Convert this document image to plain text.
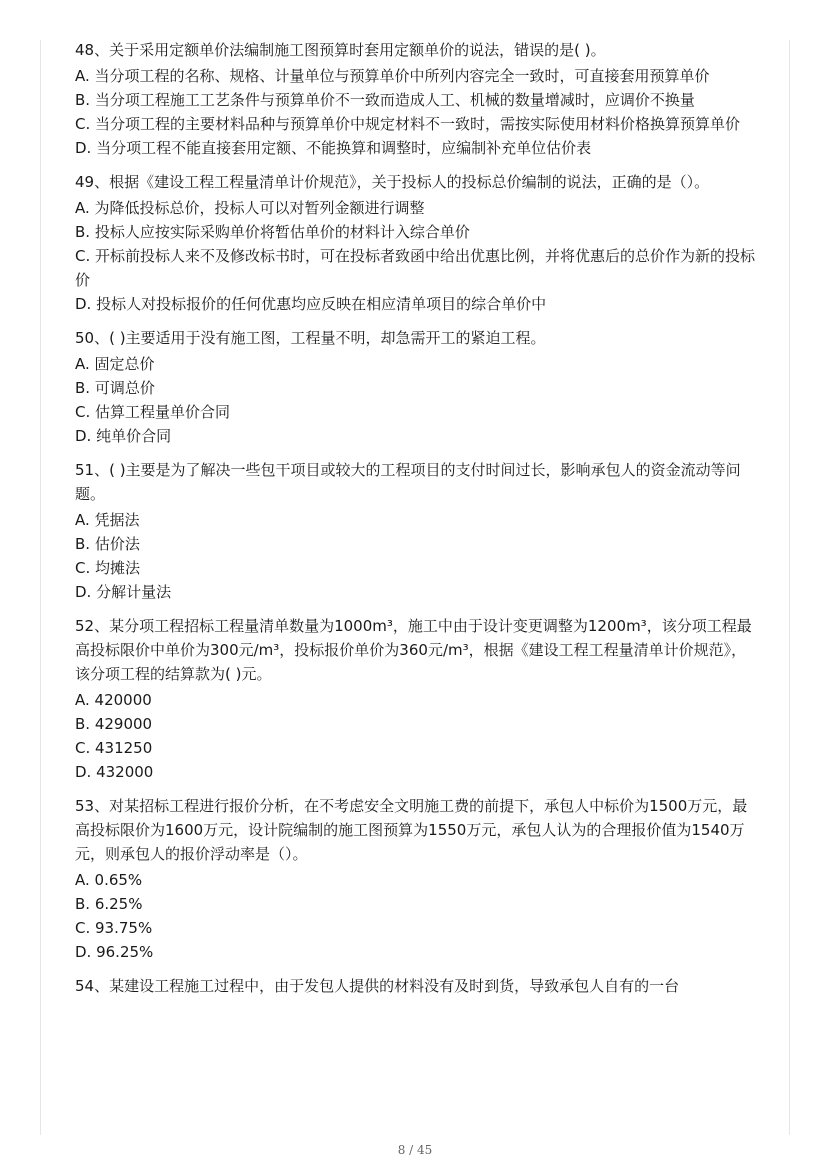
48、关于采用定额单价法编制施工图预算时套用定额单价的说法，错误的是( )。

A. 当分项工程的名称、规格、计量单位与预算单价中所列内容完全一致时，可直接套用预算单价

B. 当分项工程施工工艺条件与预算单价不一致而造成人工、机械的数量增减时，应调价不换量

C. 当分项工程的主要材料品种与预算单价中规定材料不一致时，需按实际使用材料价格换算预算单价

D. 当分项工程不能直接套用定额、不能换算和调整时，应编制补充单位估价表

49、根据《建设工程工程量清单计价规范》，关于投标人的投标总价编制的说法，正确的是（）。

A. 为降低投标总价，投标人可以对暂列金额进行调整

B. 投标人应按实际采购单价将暂估单价的材料计入综合单价

C. 开标前投标人来不及修改标书时，可在投标者致函中给出优惠比例，并将优惠后的总价作为新的投标价

D. 投标人对投标报价的任何优惠均应反映在相应清单项目的综合单价中

50、( )主要适用于没有施工图，工程量不明，却急需开工的紧迫工程。

A. 固定总价

B. 可调总价

C. 估算工程量单价合同

D. 纯单价合同

51、( )主要是为了解决一些包干项目或较大的工程项目的支付时间过长，影响承包人的资金流动等问题。

A. 凭据法

B. 估价法

C. 均摊法

D. 分解计量法

52、某分项工程招标工程量清单数量为1000m³，施工中由于设计变更调整为1200m³，该分项工程最高投标限价中单价为300元/m³，投标报价单价为360元/m³，根据《建设工程工程量清单计价规范》，该分项工程的结算款为( )元。

A. 420000

B. 429000

C. 431250

D. 432000

53、对某招标工程进行报价分析，在不考虑安全文明施工费的前提下，承包人中标价为1500万元，最高投标限价为1600万元，设计院编制的施工图预算为1550万元，承包人认为的合理报价值为1540万元，则承包人的报价浮动率是（）。

A. 0.65%

B. 6.25%

C. 93.75%

D. 96.25%

54、某建设工程施工过程中，由于发包人提供的材料没有及时到货，导致承包人自有的一台

8 / 45
